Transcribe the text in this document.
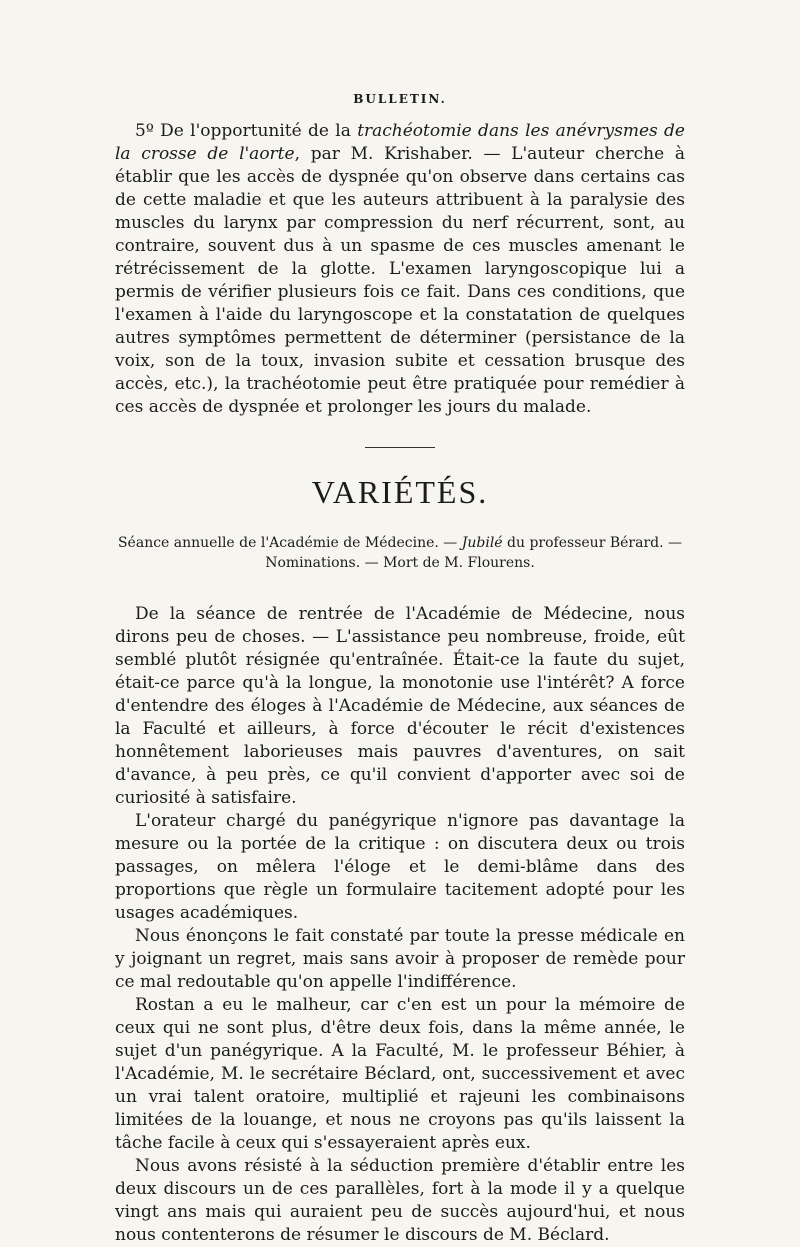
BULLETIN.

5º De l'opportunité de la trachéotomie dans les anévrysmes de la crosse de l'aorte, par M. Krishaber. — L'auteur cherche à établir que les accès de dyspnée qu'on observe dans certains cas de cette maladie et que les auteurs attribuent à la paralysie des muscles du larynx par compression du nerf récurrent, sont, au contraire, souvent dus à un spasme de ces muscles amenant le rétrécissement de la glotte. L'examen laryngoscopique lui a permis de vérifier plusieurs fois ce fait. Dans ces conditions, que l'examen à l'aide du laryngoscope et la constatation de quelques autres symptômes permettent de déterminer (persistance de la voix, son de la toux, invasion subite et cessation brusque des accès, etc.), la trachéotomie peut être pratiquée pour remédier à ces accès de dyspnée et prolonger les jours du malade.

VARIÉTÉS.
Séance annuelle de l'Académie de Médecine. — Jubilé du professeur Bérard. — Nominations. — Mort de M. Flourens.

De la séance de rentrée de l'Académie de Médecine, nous dirons peu de choses. — L'assistance peu nombreuse, froide, eût semblé plutôt résignée qu'entraînée. Était-ce la faute du sujet, était-ce parce qu'à la longue, la monotonie use l'intérêt? A force d'entendre des éloges à l'Académie de Médecine, aux séances de la Faculté et ailleurs, à force d'écouter le récit d'existences honnêtement laborieuses mais pauvres d'aventures, on sait d'avance, à peu près, ce qu'il convient d'apporter avec soi de curiosité à satisfaire.

L'orateur chargé du panégyrique n'ignore pas davantage la mesure ou la portée de la critique : on discutera deux ou trois passages, on mêlera l'éloge et le demi-blâme dans des proportions que règle un formulaire tacitement adopté pour les usages académiques.

Nous énonçons le fait constaté par toute la presse médicale en y joignant un regret, mais sans avoir à proposer de remède pour ce mal redoutable qu'on appelle l'indifférence.

Rostan a eu le malheur, car c'en est un pour la mémoire de ceux qui ne sont plus, d'être deux fois, dans la même année, le sujet d'un panégyrique. A la Faculté, M. le professeur Béhier, à l'Académie, M. le secrétaire Béclard, ont, successivement et avec un vrai talent oratoire, multiplié et rajeuni les combinaisons limitées de la louange, et nous ne croyons pas qu'ils laissent la tâche facile à ceux qui s'essayeraient après eux.

Nous avons résisté à la séduction première d'établir entre les deux discours un de ces parallèles, fort à la mode il y a quelque vingt ans mais qui auraient peu de succès aujourd'hui, et nous nous contenterons de résumer le discours de M. Béclard.
